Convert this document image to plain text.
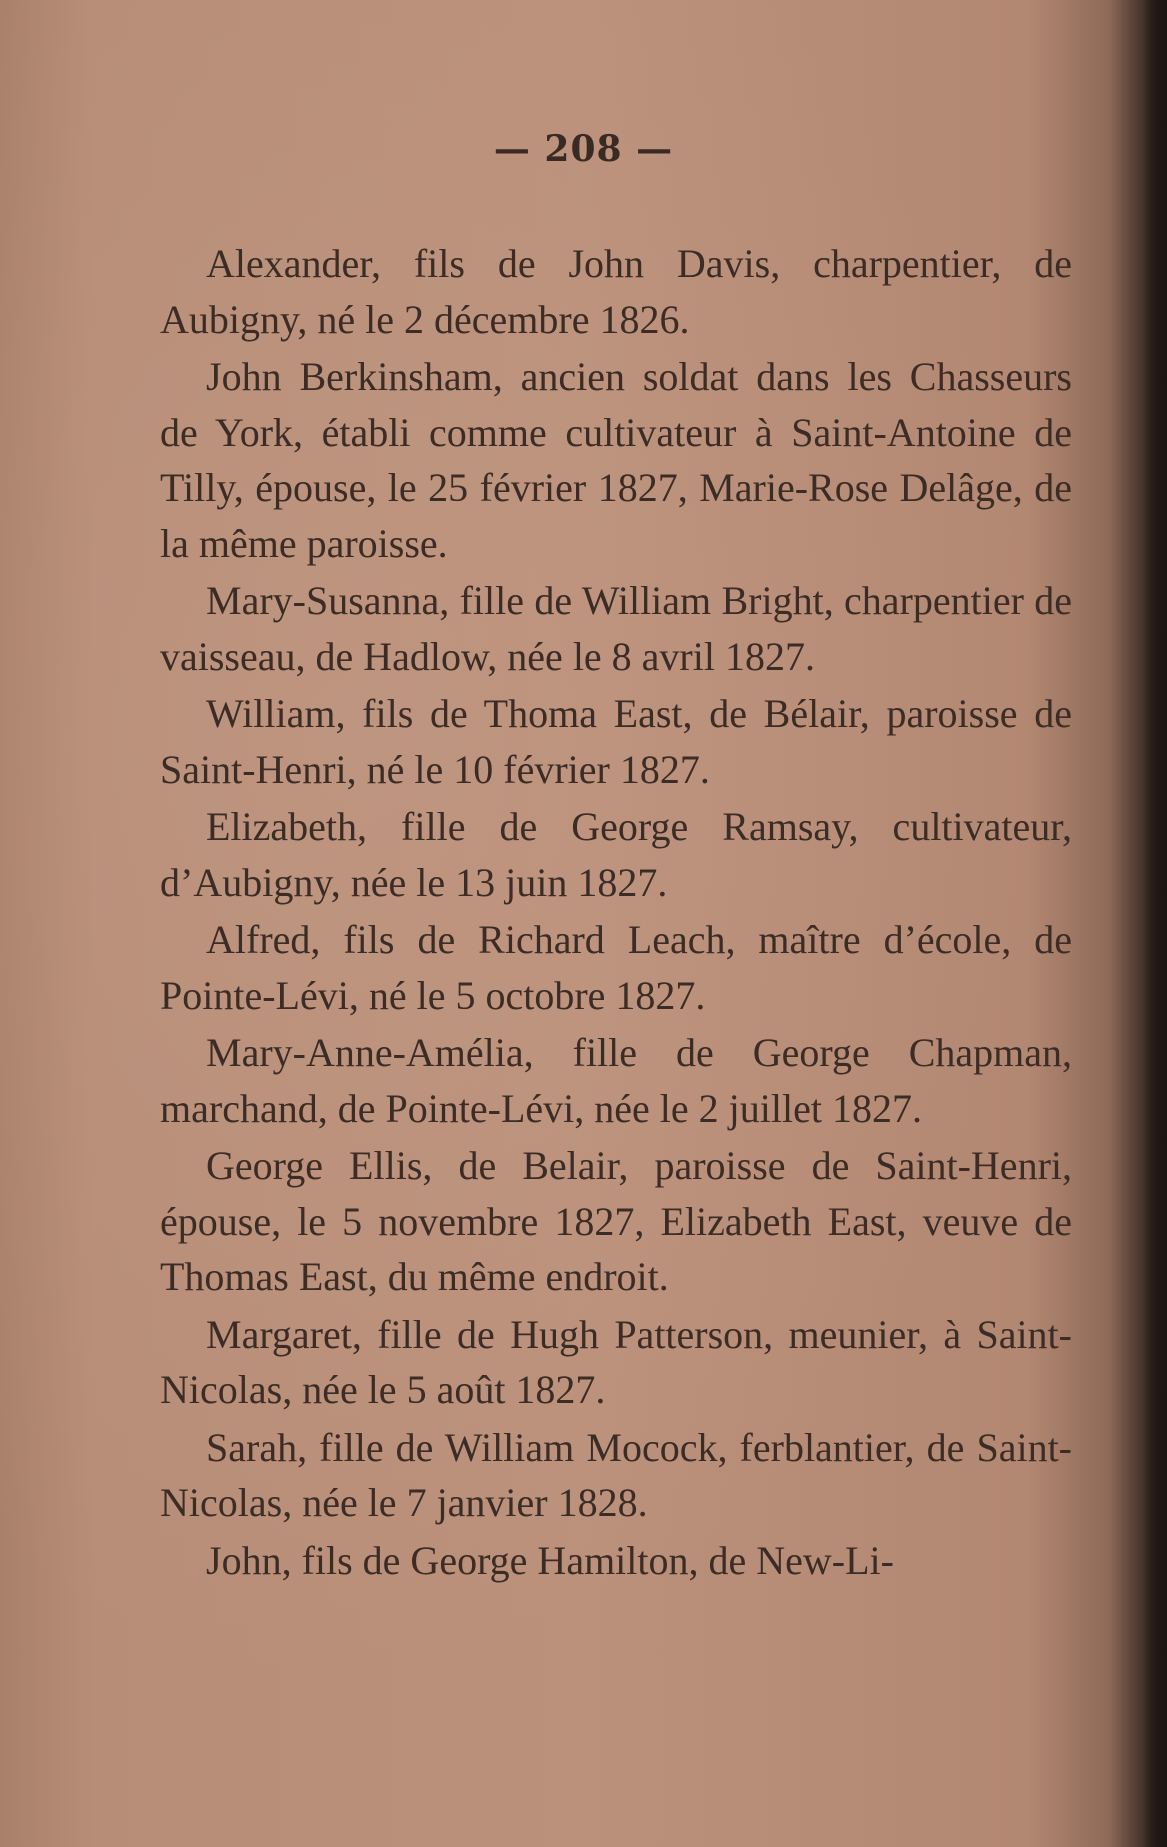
— 208 —

Alexander, fils de John Davis, charpentier, de Aubigny, né le 2 décembre 1826.

John Berkinsham, ancien soldat dans les Chasseurs de York, établi comme cultivateur à Saint-Antoine de Tilly, épouse, le 25 février 1827, Marie-Rose Delâge, de la même paroisse.

Mary-Susanna, fille de William Bright, charpentier de vaisseau, de Hadlow, née le 8 avril 1827.

William, fils de Thoma East, de Bélair, paroisse de Saint-Henri, né le 10 février 1827.

Elizabeth, fille de George Ramsay, cultivateur, d’Aubigny, née le 13 juin 1827.

Alfred, fils de Richard Leach, maître d’école, de Pointe-Lévi, né le 5 octobre 1827.

Mary-Anne-Amélia, fille de George Chapman, marchand, de Pointe-Lévi, née le 2 juillet 1827.

George Ellis, de Belair, paroisse de Saint-Henri, épouse, le 5 novembre 1827, Elizabeth East, veuve de Thomas East, du même endroit.

Margaret, fille de Hugh Patterson, meunier, à Saint-Nicolas, née le 5 août 1827.

Sarah, fille de William Mocock, ferblantier, de Saint-Nicolas, née le 7 janvier 1828.

John, fils de George Hamilton, de New-Li-
